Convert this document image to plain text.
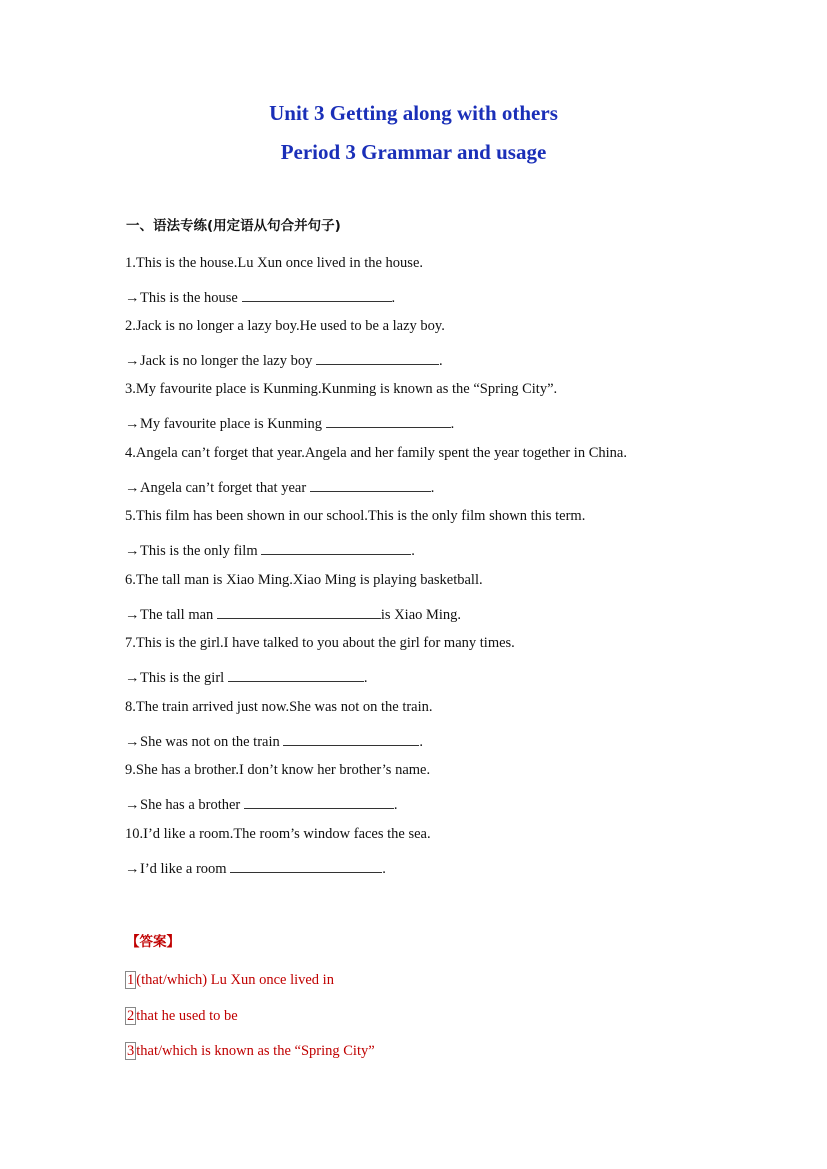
Unit 3 Getting along with others
Period 3 Grammar and usage
一、语法专练(用定语从句合并句子)
1.This is the house.Lu Xun once lived in the house.
→This is the house	.
2.Jack is no longer a lazy boy.He used to be a lazy boy.
→Jack is no longer the lazy boy	.
3.My favourite place is Kunming.Kunming is known as the “Spring City”.
→My favourite place is Kunming	.
4.Angela can’t forget that year.Angela and her family spent the year together in China.
→Angela can’t forget that year	.
5.This film has been shown in our school.This is the only film shown this term.
→This is the only film	.
6.The tall man is Xiao Ming.Xiao Ming is playing basketball.
→The tall man	is Xiao Ming.
7.This is the girl.I have talked to you about the girl for many times.
→This is the girl	.
8.The train arrived just now.She was not on the train.
→She was not on the train	.
9.She has a brother.I don’t know her brother’s name.
→She has a brother	.
10.I’d like a room.The room’s window faces the sea.
→I’d like a room	.
【答案】
1 (that/which) Lu Xun once lived in
2 that he used to be
3 that/which is known as the “Spring City”
